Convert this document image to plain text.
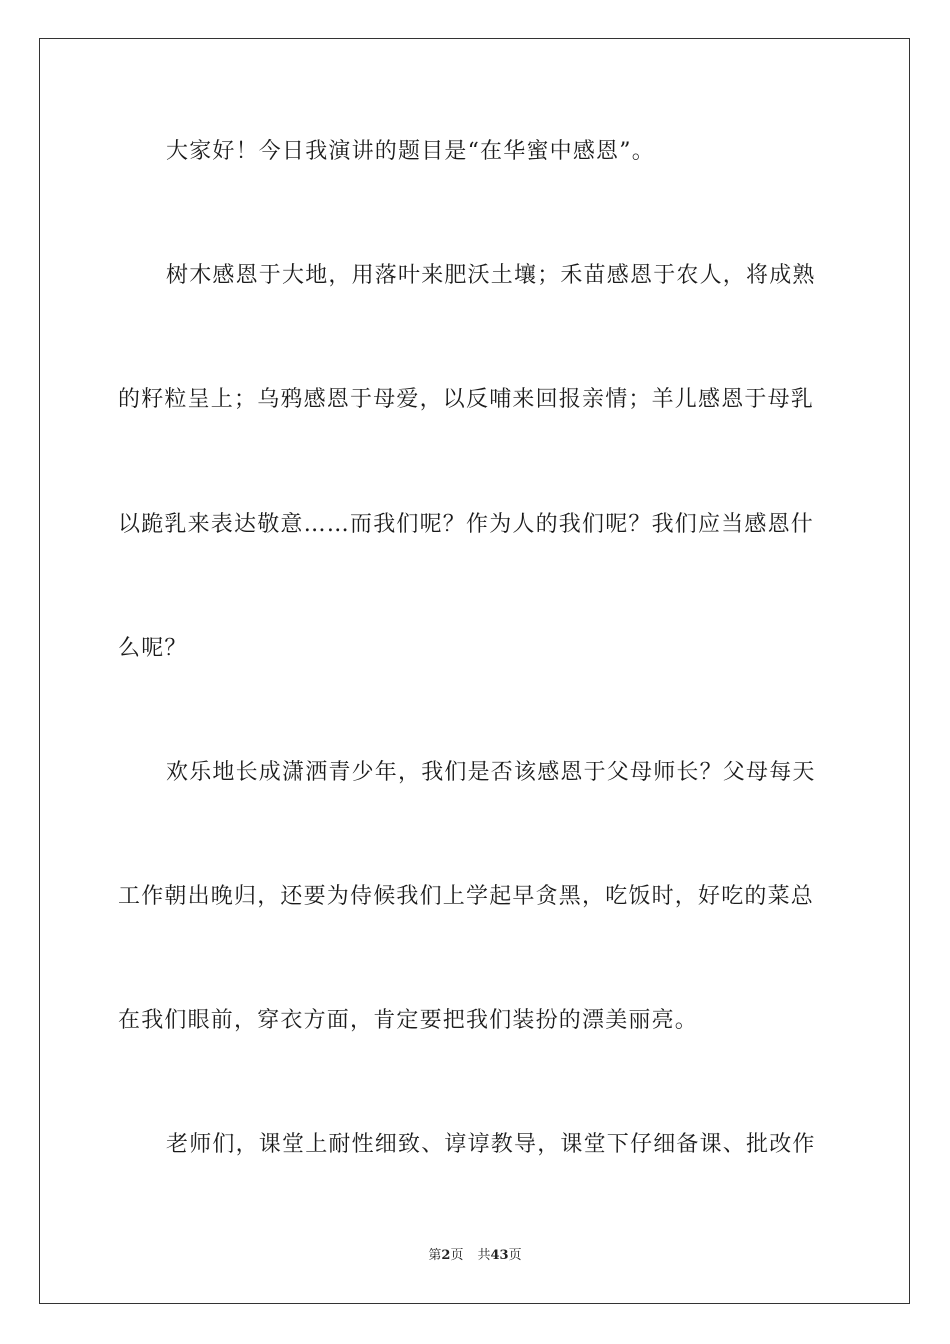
大家好！今日我演讲的题目是“在华蜜中感恩”。
树木感恩于大地，用落叶来肥沃土壤；禾苗感恩于农人，将成熟
的籽粒呈上；乌鸦感恩于母爱，以反哺来回报亲情；羊儿感恩于母乳
以跪乳来表达敬意……而我们呢？作为人的我们呢？我们应当感恩什
么呢？
欢乐地长成潇洒青少年，我们是否该感恩于父母师长？父母每天
工作朝出晚归，还要为侍候我们上学起早贪黑，吃饭时，好吃的菜总
在我们眼前，穿衣方面，肯定要把我们装扮的漂美丽亮。
老师们，课堂上耐性细致、谆谆教导，课堂下仔细备课、批改作
第2页 共43页
